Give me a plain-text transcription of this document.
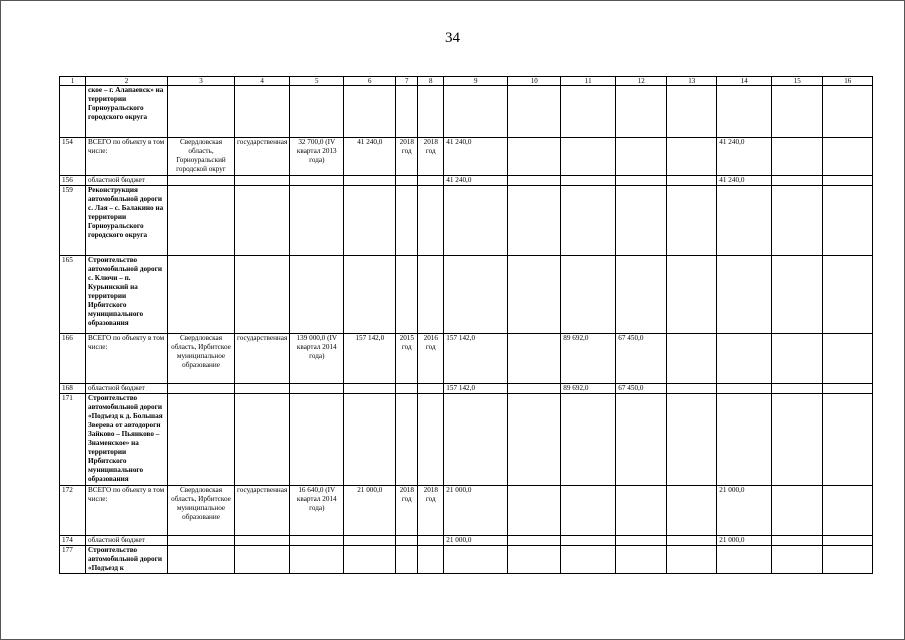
34
1	2	3	4	5	6	7	8	9	10	11	12	13	14	15	16
	ское – г. Алапаевск» на территории Горноуральского городского округа														
154	ВСЕГО по объекту в том числе:	Свердловская область, Горноуральский городской округ	государственная	32 700,0 (IV квартал 2013 года)	41 240,0	2018 год	2018 год	41 240,0					41 240,0		
156	областной бюджет							41 240,0					41 240,0		
159	Реконструкция автомобильной дороги с. Лая – с. Балакино на территории Горноуральского городского округа														
165	Строительство автомобильной дороги с. Ключи – п. Курьинский на территории Ирбитского муниципального образования														
166	ВСЕГО по объекту в том числе:	Свердловская область, Ирбитское муниципальное образование	государственная	139 000,0 (IV квартал 2014 года)	157 142,0	2015 год	2016 год	157 142,0		89 692,0	67 450,0				
168	областной бюджет							157 142,0		89 692,0	67 450,0				
171	Строительство автомобильной дороги «Подъезд к д. Большая Зверева от автодороги Зайково – Пьянково – Знаменское» на территории Ирбитского муниципального образования														
172	ВСЕГО по объекту в том числе:	Свердловская область, Ирбитское муниципальное образование	государственная	16 640,0 (IV квартал 2014 года)	21 000,0	2018 год	2018 год	21 000,0					21 000,0		
174	областной бюджет							21 000,0					21 000,0		
177	Строительство автомобильной дороги «Подъезд к														
